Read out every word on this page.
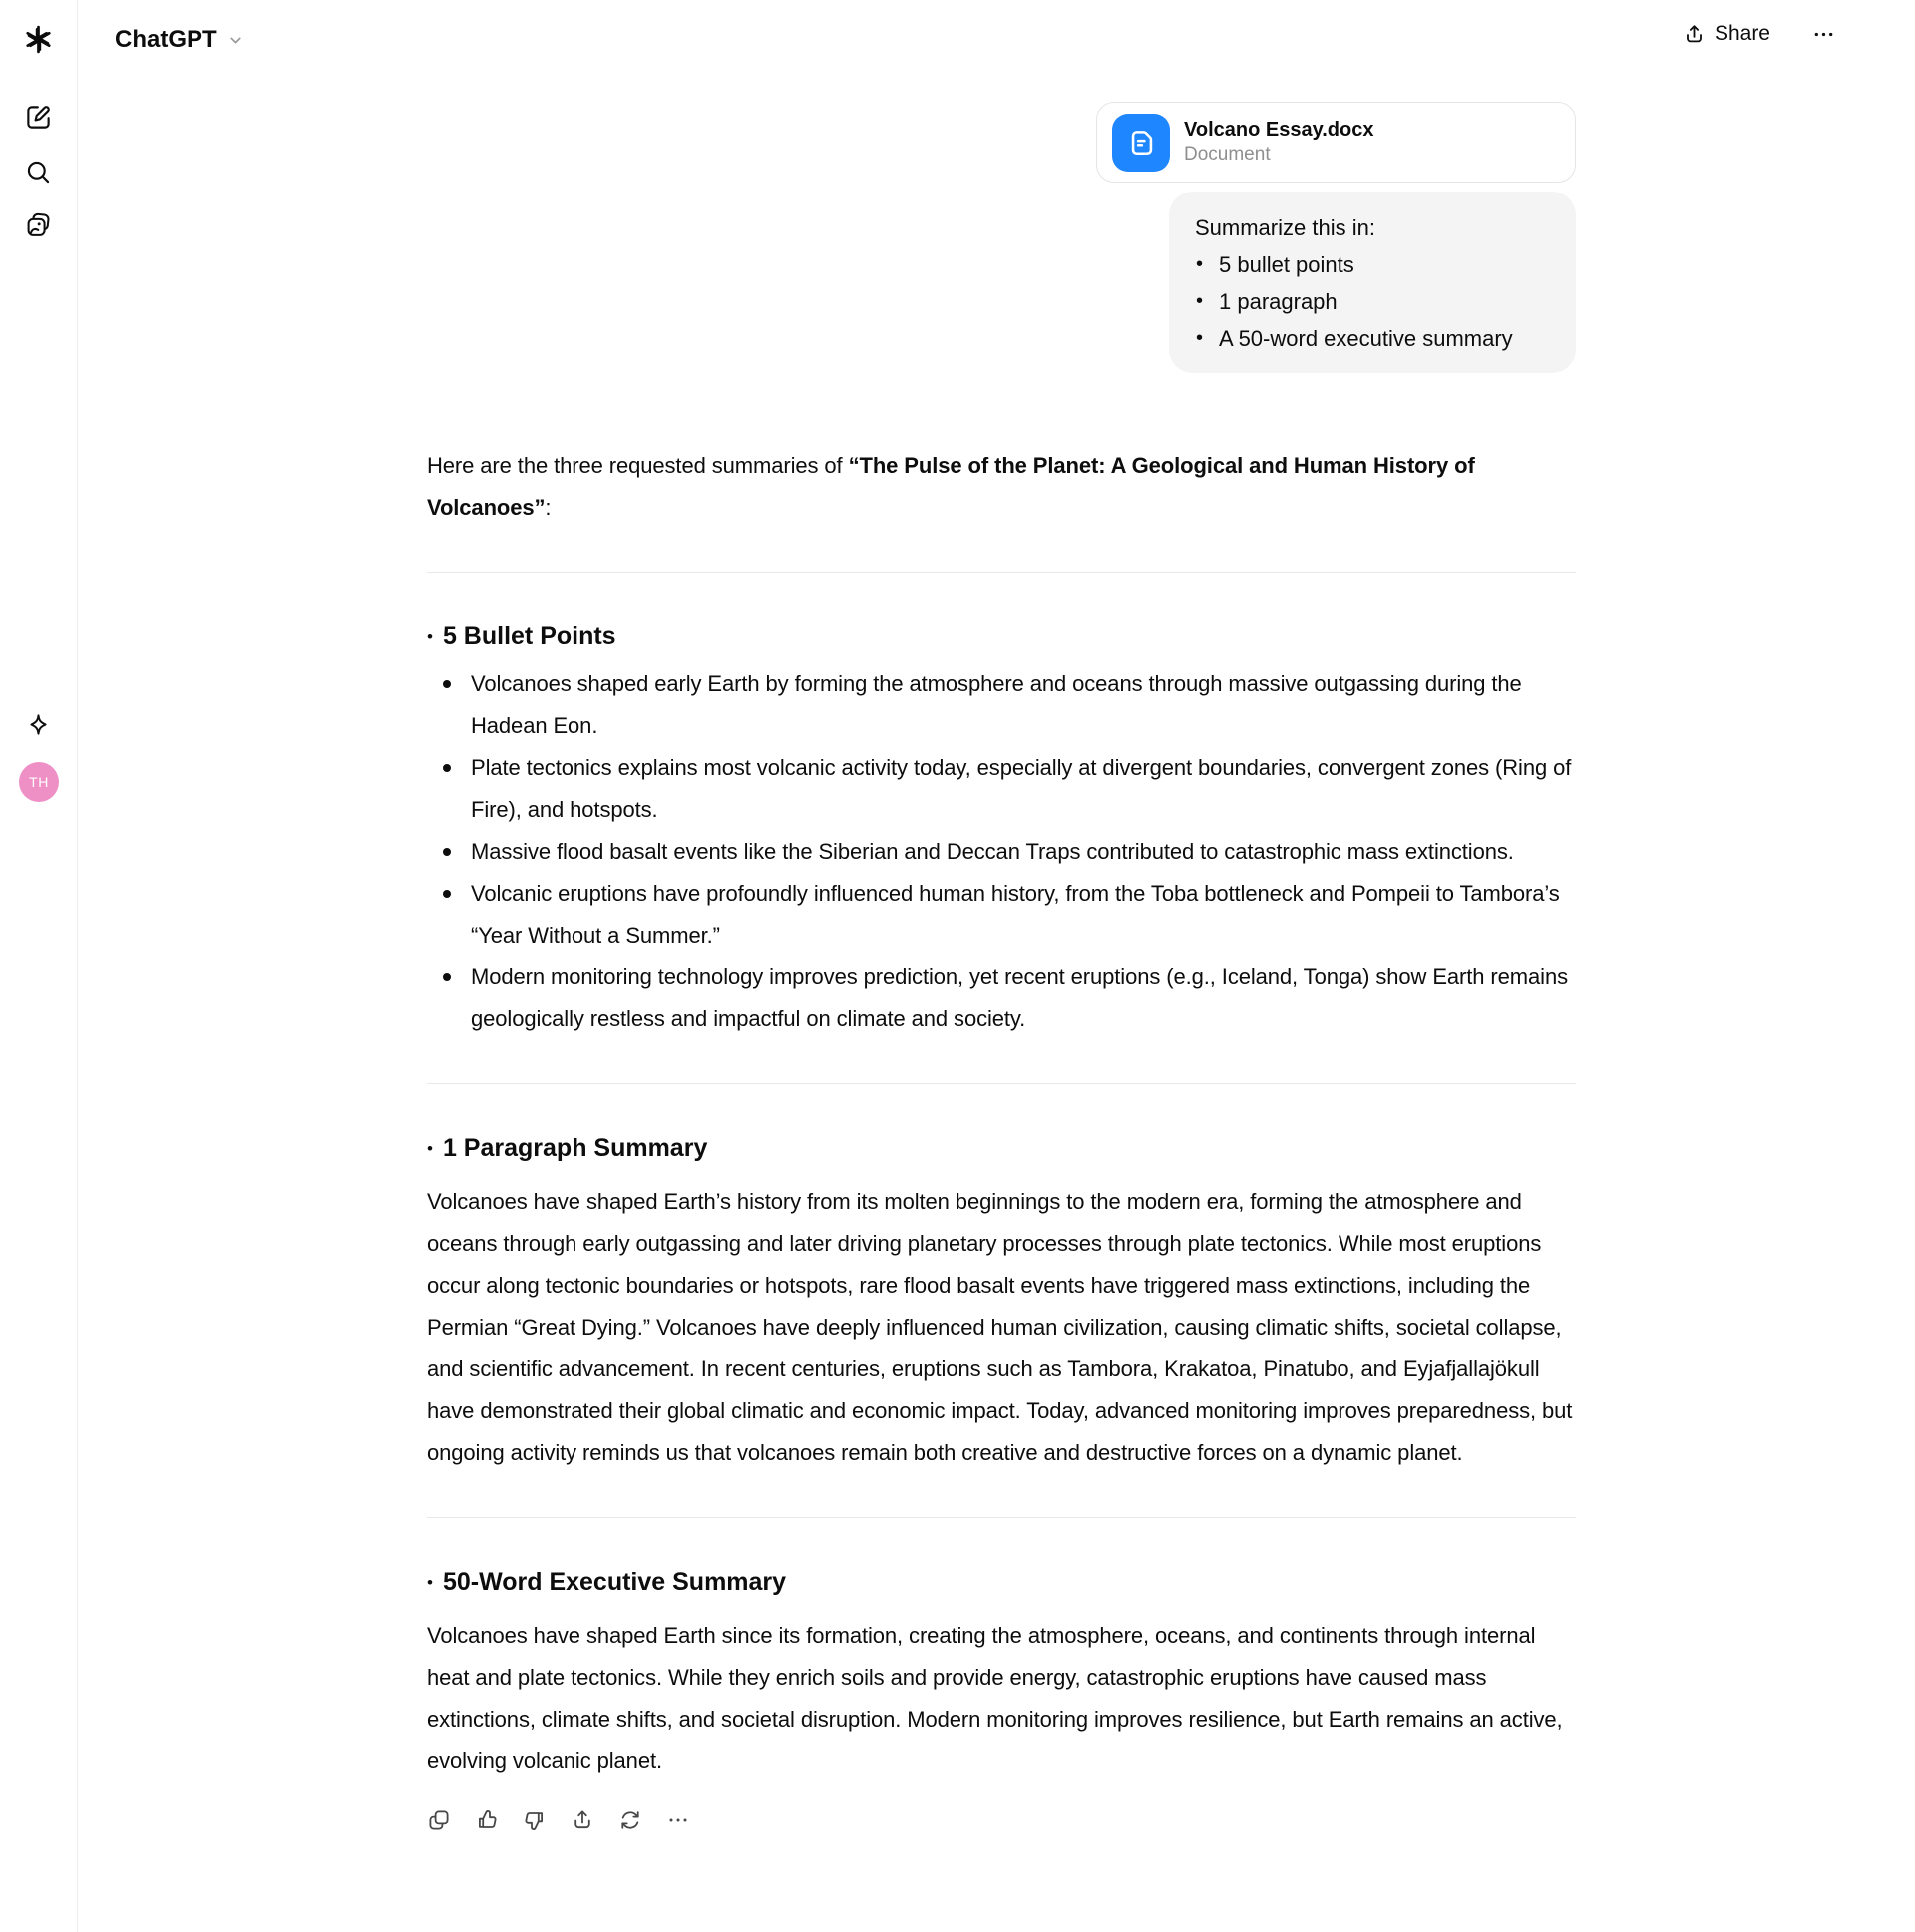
TH
ChatGPT	Share
Volcano Essay.docx
Document
Summarize this in:
• 5 bullet points
• 1 paragraph
• A 50-word executive summary

Here are the three requested summaries of “The Pulse of the Planet: A Geological and Human History of Volcanoes”:

• 5 Bullet Points
Volcanoes shaped early Earth by forming the atmosphere and oceans through massive outgassing during the Hadean Eon.
Plate tectonics explains most volcanic activity today, especially at divergent boundaries, convergent zones (Ring of Fire), and hotspots.
Massive flood basalt events like the Siberian and Deccan Traps contributed to catastrophic mass extinctions.
Volcanic eruptions have profoundly influenced human history, from the Toba bottleneck and Pompeii to Tambora’s “Year Without a Summer.”
Modern monitoring technology improves prediction, yet recent eruptions (e.g., Iceland, Tonga) show Earth remains geologically restless and impactful on climate and society.
• 1 Paragraph Summary

Volcanoes have shaped Earth’s history from its molten beginnings to the modern era, forming the atmosphere and oceans through early outgassing and later driving planetary processes through plate tectonics. While most eruptions occur along tectonic boundaries or hotspots, rare flood basalt events have triggered mass extinctions, including the Permian “Great Dying.” Volcanoes have deeply influenced human civilization, causing climatic shifts, societal collapse, and scientific advancement. In recent centuries, eruptions such as Tambora, Krakatoa, Pinatubo, and Eyjafjallajökull have demonstrated their global climatic and economic impact. Today, advanced monitoring improves preparedness, but ongoing activity reminds us that volcanoes remain both creative and destructive forces on a dynamic planet.

• 50-Word Executive Summary

Volcanoes have shaped Earth since its formation, creating the atmosphere, oceans, and continents through internal heat and plate tectonics. While they enrich soils and provide energy, catastrophic eruptions have caused mass extinctions, climate shifts, and societal disruption. Modern monitoring improves resilience, but Earth remains an active, evolving volcanic planet.
